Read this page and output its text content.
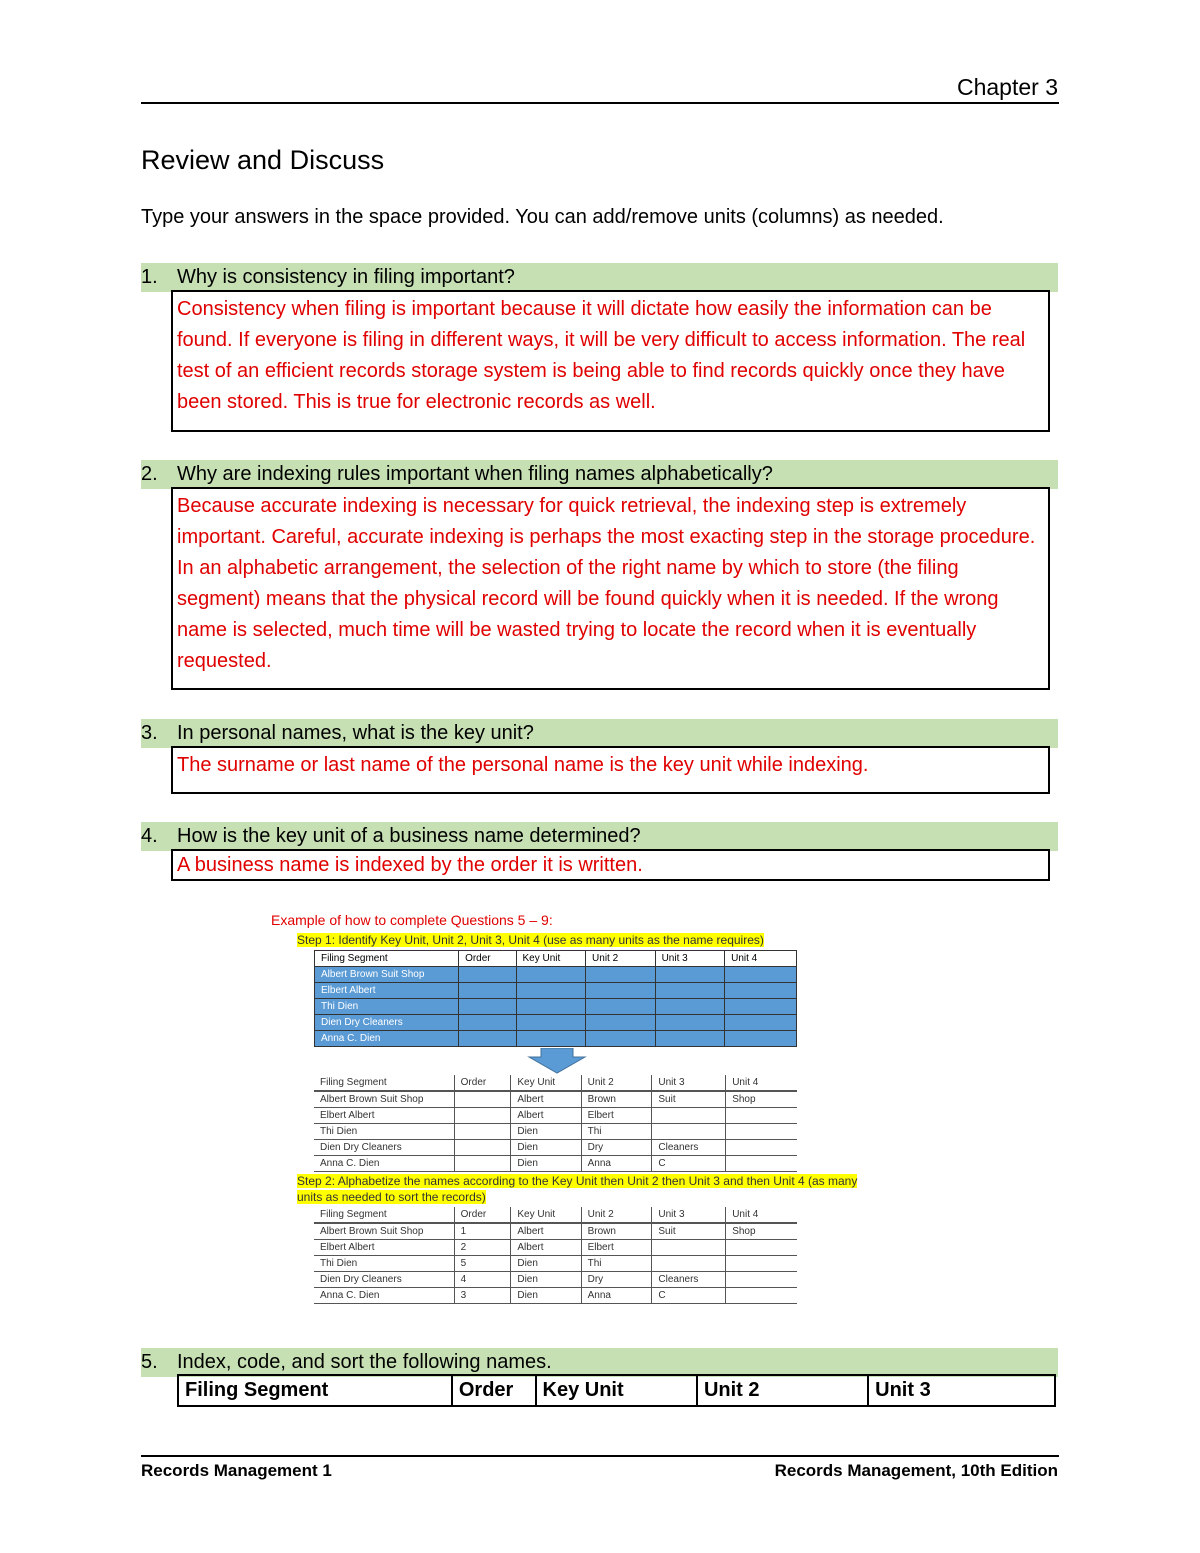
Chapter 3
Review and Discuss
Type your answers in the space provided. You can add/remove units (columns) as needed.
1. Why is consistency in filing important?
Consistency when filing is important because it will dictate how easily the information can be found. If everyone is filing in different ways, it will be very difficult to access information. The real test of an efficient records storage system is being able to find records quickly once they have been stored. This is true for electronic records as well.
2. Why are indexing rules important when filing names alphabetically?
Because accurate indexing is necessary for quick retrieval, the indexing step is extremely important. Careful, accurate indexing is perhaps the most exacting step in the storage procedure. In an alphabetic arrangement, the selection of the right name by which to store (the filing segment) means that the physical record will be found quickly when it is needed. If the wrong name is selected, much time will be wasted trying to locate the record when it is eventually requested.
3. In personal names, what is the key unit?
The surname or last name of the personal name is the key unit while indexing.
4. How is the key unit of a business name determined?
A business name is indexed by the order it is written.
Example of how to complete Questions 5 – 9:
Step 1: Identify Key Unit, Unit 2, Unit 3, Unit 4 (use as many units as the name requires)
Filing Segment	Order	Key Unit	Unit 2	Unit 3	Unit 4
Albert Brown Suit Shop					
Elbert Albert					
Thi Dien					
Dien Dry Cleaners					
Anna C. Dien					
Filing Segment	Order	Key Unit	Unit 2	Unit 3	Unit 4
Albert Brown Suit Shop		Albert	Brown	Suit	Shop
Elbert Albert		Albert	Elbert		
Thi Dien		Dien	Thi		
Dien Dry Cleaners		Dien	Dry	Cleaners	
Anna C. Dien		Dien	Anna	C	
Step 2: Alphabetize the names according to the Key Unit then Unit 2 then Unit 3 and then Unit 4 (as many
units as needed to sort the records)
Filing Segment	Order	Key Unit	Unit 2	Unit 3	Unit 4
Albert Brown Suit Shop	1	Albert	Brown	Suit	Shop
Elbert Albert	2	Albert	Elbert		
Thi Dien	5	Dien	Thi		
Dien Dry Cleaners	4	Dien	Dry	Cleaners	
Anna C. Dien	3	Dien	Anna	C	
5. Index, code, and sort the following names.
Filing Segment	Order	Key Unit	Unit 2	Unit 3
Records Management 1	Records Management, 10th Edition
